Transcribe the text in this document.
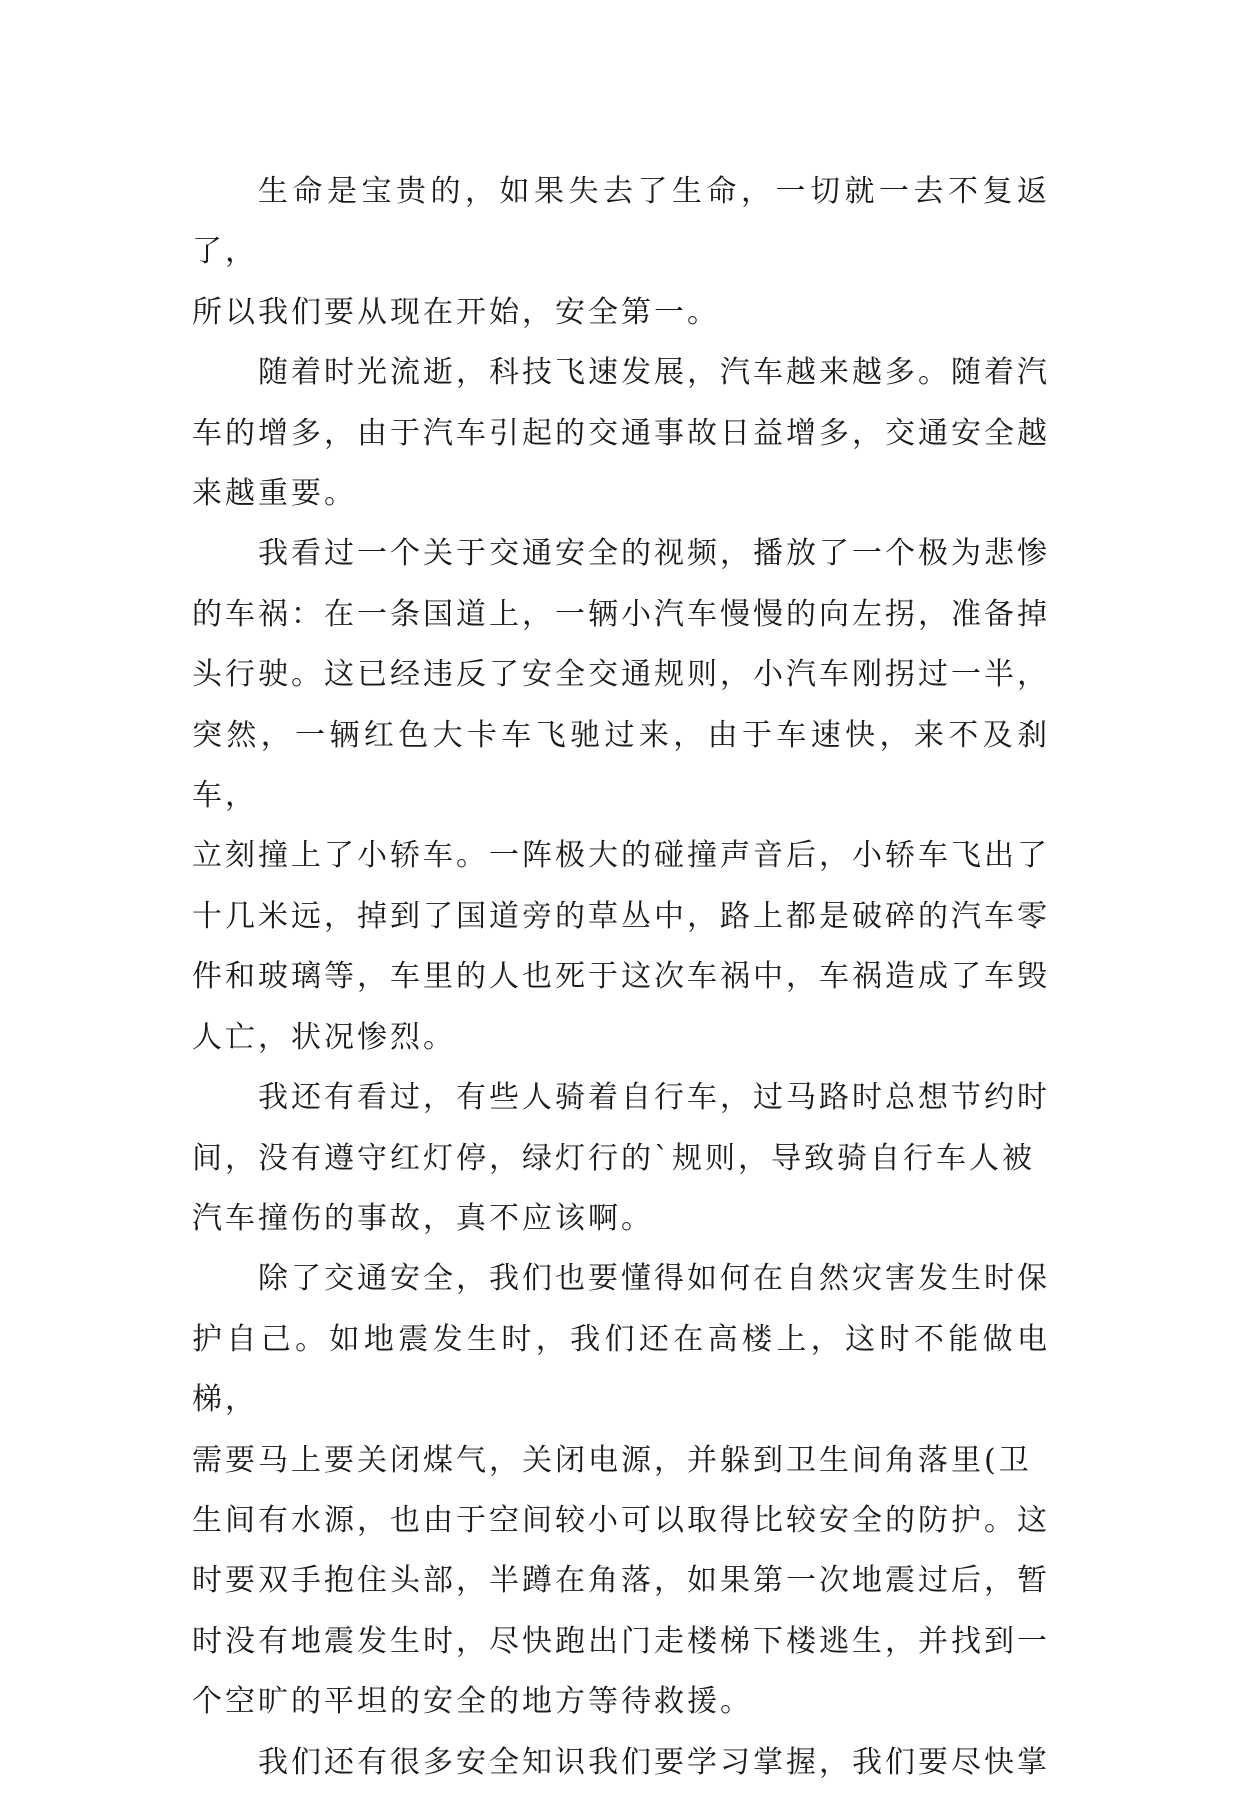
生命是宝贵的，如果失去了生命，一切就一去不复返了，
所以我们要从现在开始，安全第一。

随着时光流逝，科技飞速发展，汽车越来越多。随着汽
车的增多，由于汽车引起的交通事故日益增多，交通安全越
来越重要。

我看过一个关于交通安全的视频，播放了一个极为悲惨
的车祸：在一条国道上，一辆小汽车慢慢的向左拐，准备掉
头行驶。这已经违反了安全交通规则，小汽车刚拐过一半，
突然，一辆红色大卡车飞驰过来，由于车速快，来不及刹车，
立刻撞上了小轿车。一阵极大的碰撞声音后，小轿车飞出了
十几米远，掉到了国道旁的草丛中，路上都是破碎的汽车零
件和玻璃等，车里的人也死于这次车祸中，车祸造成了车毁
人亡，状况惨烈。

我还有看过，有些人骑着自行车，过马路时总想节约时
间，没有遵守红灯停，绿灯行的`规则，导致骑自行车人被
汽车撞伤的事故，真不应该啊。

除了交通安全，我们也要懂得如何在自然灾害发生时保
护自己。如地震发生时，我们还在高楼上，这时不能做电梯，
需要马上要关闭煤气，关闭电源，并躲到卫生间角落里(卫
生间有水源，也由于空间较小可以取得比较安全的防护。这
时要双手抱住头部，半蹲在角落，如果第一次地震过后，暂
时没有地震发生时，尽快跑出门走楼梯下楼逃生，并找到一
个空旷的平坦的安全的地方等待救援。

我们还有很多安全知识我们要学习掌握，我们要尽快掌
